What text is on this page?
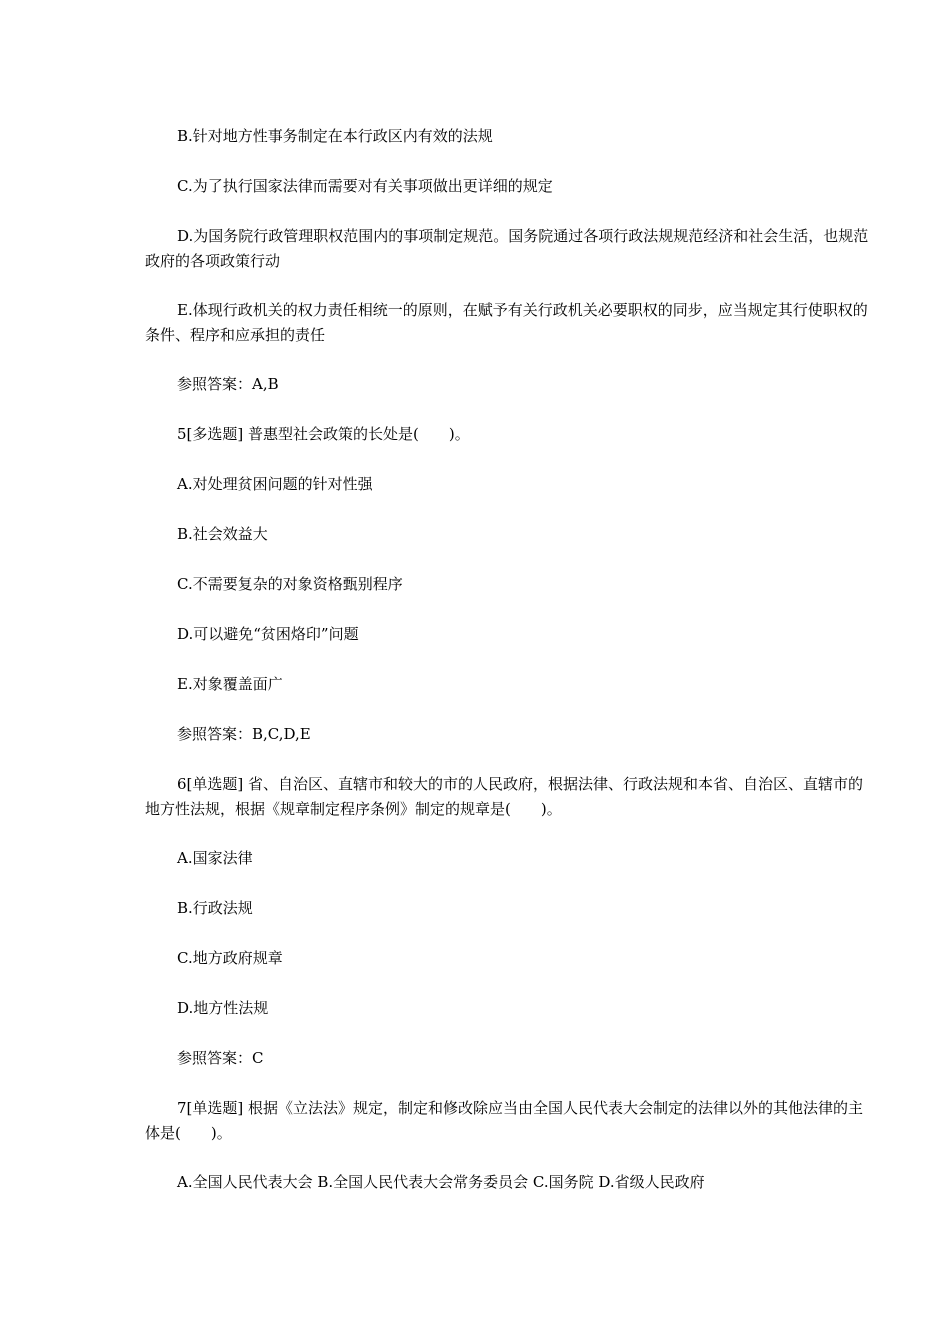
B.针对地方性事务制定在本行政区内有效的法规

C.为了执行国家法律而需要对有关事项做出更详细的规定

D.为国务院行政管理职权范围内的事项制定规范。国务院通过各项行政法规规范经济和社会生活，也规范政府的各项政策行动

E.体现行政机关的权力责任相统一的原则，在赋予有关行政机关必要职权的同步，应当规定其行使职权的条件、程序和应承担的责任

参照答案：A,B

5[多选题] 普惠型社会政策的长处是(　　)。

A.对处理贫困问题的针对性强

B.社会效益大

C.不需要复杂的对象资格甄别程序

D.可以避免“贫困烙印”问题

E.对象覆盖面广

参照答案：B,C,D,E

6[单选题] 省、自治区、直辖市和较大的市的人民政府，根据法律、行政法规和本省、自治区、直辖市的地方性法规，根据《规章制定程序条例》制定的规章是(　　)。

A.国家法律

B.行政法规

C.地方政府规章

D.地方性法规

参照答案：C

7[单选题] 根据《立法法》规定，制定和修改除应当由全国人民代表大会制定的法律以外的其他法律的主体是(　　)。

A.全国人民代表大会 B.全国人民代表大会常务委员会 C.国务院 D.省级人民政府
